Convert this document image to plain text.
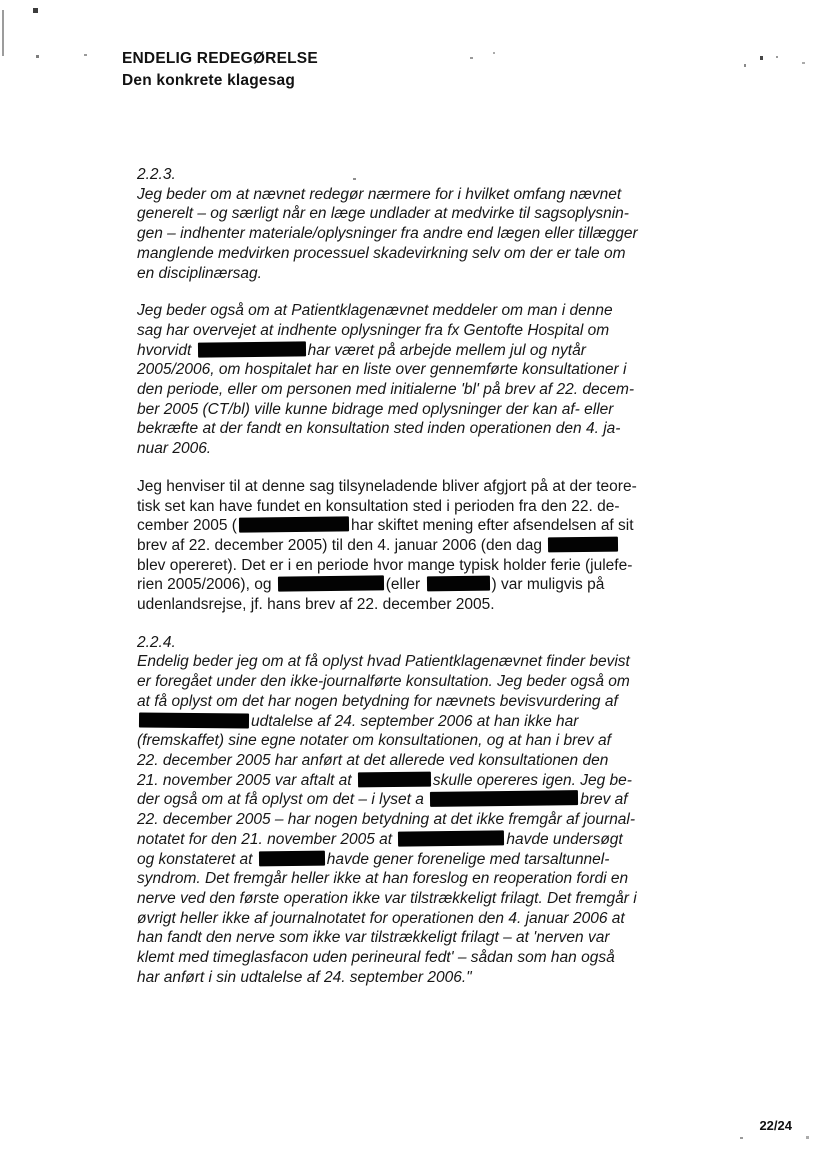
ENDELIG REDEGØRELSE
Den konkrete klagesag
2.2.3.
Jeg beder om at nævnet redegør nærmere for i hvilket omfang nævnet
generelt – og særligt når en læge undlader at medvirke til sagsoplysnin-
gen – indhenter materiale/oplysninger fra andre end lægen eller tillægger
manglende medvirken processuel skadevirkning selv om der er tale om
en disciplinærsag.
Jeg beder også om at Patientklagenævnet meddeler om man i denne
sag har overvejet at indhente oplysninger fra fx Gentofte Hospital om
hvorvidt	har været på arbejde mellem jul og nytår
2005/2006, om hospitalet har en liste over gennemførte konsultationer i
den periode, eller om personen med initialerne 'bl' på brev af 22. decem-
ber 2005 (CT/bl) ville kunne bidrage med oplysninger der kan af- eller
bekræfte at der fandt en konsultation sted inden operationen den 4. ja-
nuar 2006.
Jeg henviser til at denne sag tilsyneladende bliver afgjort på at der teore-
tisk set kan have fundet en konsultation sted i perioden fra den 22. de-
cember 2005 (	har skiftet mening efter afsendelsen af sit
brev af 22. december 2005) til den 4. januar 2006 (den dag
blev opereret). Det er i en periode hvor mange typisk holder ferie (julefe-
rien 2005/2006), og	(eller	) var muligvis på
udenlandsrejse, jf. hans brev af 22. december 2005.
2.2.4.
Endelig beder jeg om at få oplyst hvad Patientklagenævnet finder bevist
er foregået under den ikke-journalførte konsultation. Jeg beder også om
at få oplyst om det har nogen betydning for nævnets bevisvurdering af
udtalelse af 24. september 2006 at han ikke har
(fremskaffet) sine egne notater om konsultationen, og at han i brev af
22. december 2005 har anført at det allerede ved konsultationen den
21. november 2005 var aftalt at	skulle opereres igen. Jeg be-
der også om at få oplyst om det – i lyset a	brev af
22. december 2005 – har nogen betydning at det ikke fremgår af journal-
notatet for den 21. november 2005 at	havde undersøgt
og konstateret at	havde gener forenelige med tarsaltunnel-
syndrom. Det fremgår heller ikke at han foreslog en reoperation fordi en
nerve ved den første operation ikke var tilstrækkeligt frilagt. Det fremgår i
øvrigt heller ikke af journalnotatet for operationen den 4. januar 2006 at
han fandt den nerve som ikke var tilstrækkeligt frilagt – at 'nerven var
klemt med timeglasfacon uden perineural fedt' – sådan som han også
har anført i sin udtalelse af 24. september 2006."
22/24
